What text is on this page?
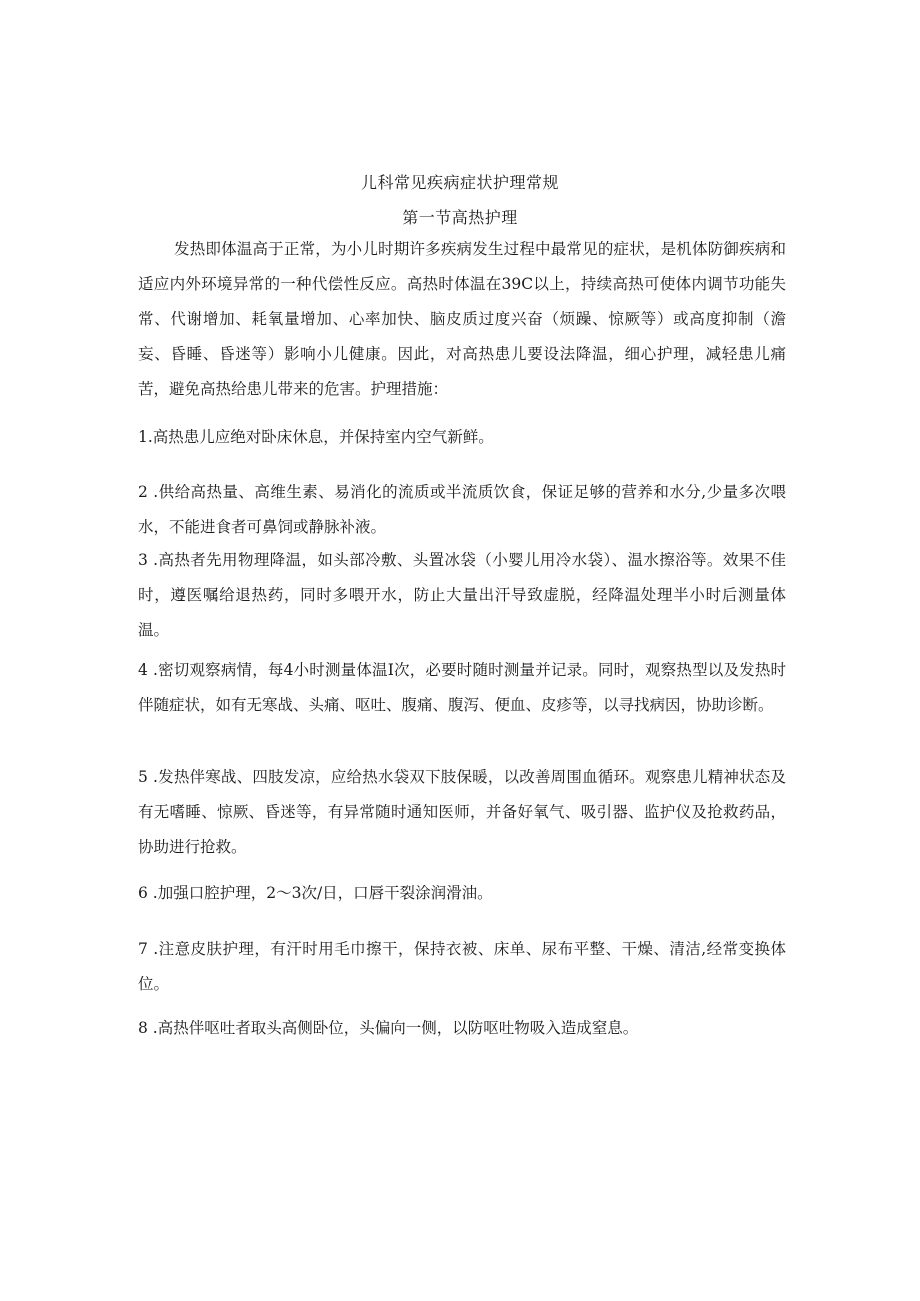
儿科常见疾病症状护理常规
第一节高热护理
发热即体温高于正常，为小儿时期许多疾病发生过程中最常见的症状，是机体防御疾病和适应内外环境异常的一种代偿性反应。高热时体温在39C以上，持续高热可使体内调节功能失常、代谢增加、耗氧量增加、心率加快、脑皮质过度兴奋（烦躁、惊厥等）或高度抑制（澹妄、昏睡、昏迷等）影响小儿健康。因此，对高热患儿要设法降温，细心护理，减轻患儿痛苦，避免高热给患儿带来的危害。护理措施：
1.高热患儿应绝对卧床休息，并保持室内空气新鲜。
2 .供给高热量、高维生素、易消化的流质或半流质饮食，保证足够的营养和水分,少量多次喂水，不能进食者可鼻饲或静脉补液。
3 .高热者先用物理降温，如头部冷敷、头置冰袋（小婴儿用冷水袋）、温水擦浴等。效果不佳时，遵医嘱给退热药，同时多喂开水，防止大量出汗导致虚脱，经降温处理半小时后测量体温。
4 .密切观察病情，每4小时测量体温I次，必要时随时测量并记录。同时，观察热型以及发热时伴随症状，如有无寒战、头痛、呕吐、腹痛、腹泻、便血、皮疹等，以寻找病因，协助诊断。
5 .发热伴寒战、四肢发凉，应给热水袋双下肢保暖，以改善周围血循环。观察患儿精神状态及有无嗜睡、惊厥、昏迷等，有异常随时通知医师，并备好氧气、吸引器、监护仪及抢救药品，协助进行抢救。
6 .加强口腔护理，2～3次/日，口唇干裂涂润滑油。
7 .注意皮肤护理，有汗时用毛巾擦干，保持衣被、床单、尿布平整、干燥、清洁,经常变换体位。
8 .高热伴呕吐者取头高侧卧位，头偏向一侧，以防呕吐物吸入造成窒息。
